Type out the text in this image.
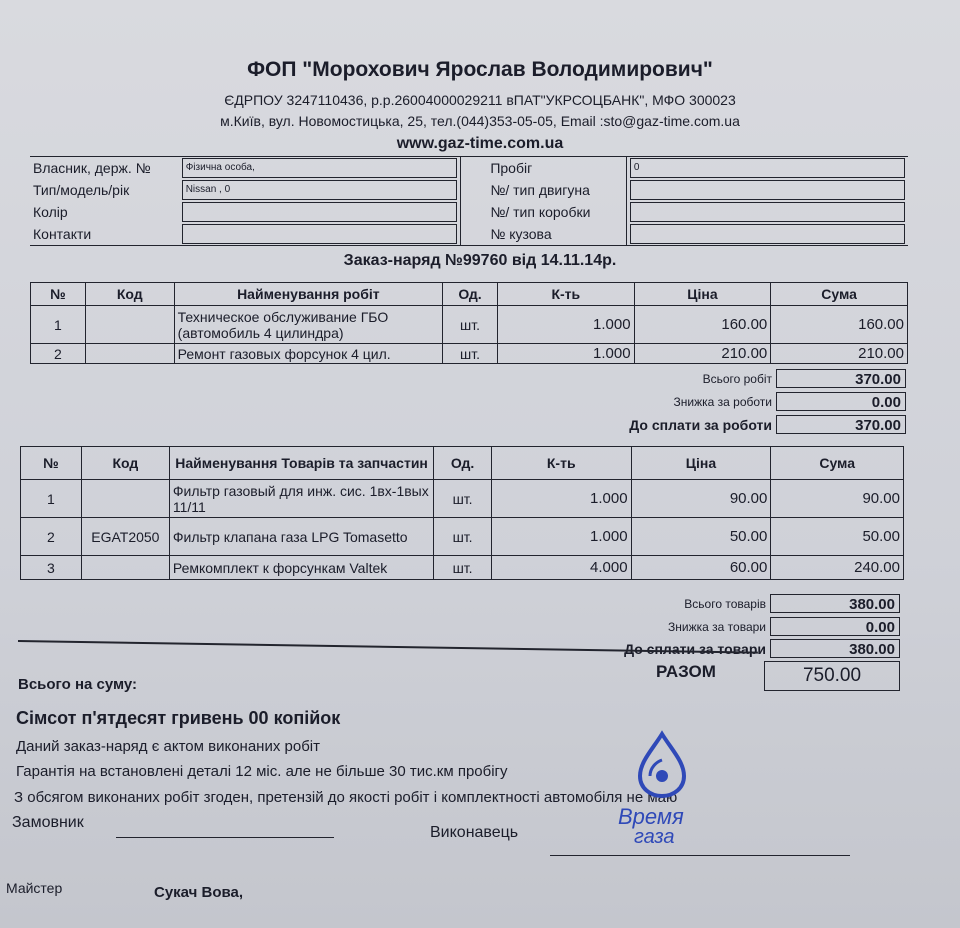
ФОП "Морохович Ярослав Володимирович"
ЄДРПОУ 3247110436, р.р.26004000029211 вПАТ"УКРСОЦБАНК", МФО 300023
м.Київ, вул. Новомостицька, 25, тел.(044)353-05-05, Email :sto@gaz-time.com.ua
www.gaz-time.com.ua
Власник, держ. №	Фізична особа,		Пробіг	0

Тип/модель/рік	Nissan , 0		№/ тип двигуна	

Колір			№/ тип коробки	

Контакти			№ кузова	
Заказ-наряд №99760 від 14.11.14р.
№	Код	Найменування робіт	Од.	К-ть	Ціна	Сума
1		Техническое обслуживание ГБО (автомобиль 4 цилиндра)	шт.	1.000	160.00	160.00
2		Ремонт газовых форсунок 4 цил.	шт.	1.000	210.00	210.00
Всього робіт	370.00
Знижка за роботи	0.00
До сплати за роботи	370.00
№	Код	Найменування Товарів та запчастин	Од.	К-ть	Ціна	Сума
1		Фильтр газовый для инж. сис. 1вх-1вых 11/11	шт.	1.000	90.00	90.00
2	EGAT2050	Фильтр клапана газа LPG Tomasetto	шт.	1.000	50.00	50.00
3		Ремкомплект к форсункам Valtek	шт.	4.000	60.00	240.00
Всього товарів	380.00
Знижка за товари	0.00
До сплати за товари	380.00
РАЗОМ	750.00
Всього на суму:
Сімсот п'ятдесят гривень 00 копійок
Даний заказ-наряд є актом виконаних робіт
Гарантія на встановлені деталі 12 міс. але не більше 30 тис.км пробігу
З обсягом виконаних робіт згоден, претензій до якості робіт і комплектності автомобіля не маю
Замовник
Виконавець
Майстер	Сукач Вова,
Время
газа
